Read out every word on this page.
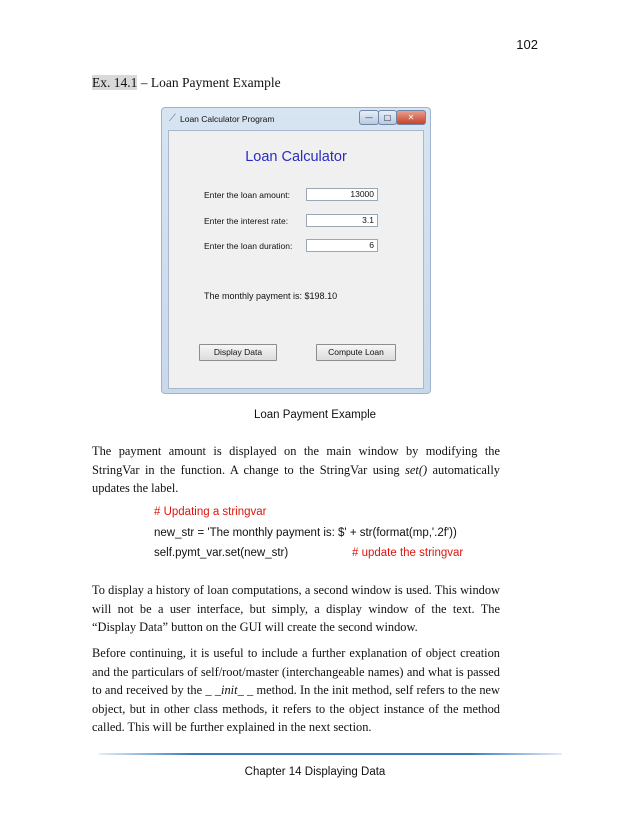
102
Ex. 14.1 – Loan Payment Example
⟋ Loan Calculator Program	—	□	✕
Loan Calculator
Enter the loan amount:	13000
Enter the interest rate:	3.1
Enter the loan duration:	6
The monthly payment is: $198.10
Display Data	Compute Loan
Loan Payment Example
The payment amount is displayed on the main window by modifying the StringVar in the function. A change to the StringVar using set() automatically updates the label.
# Updating a stringvar
new_str = 'The monthly payment is: $' + str(format(mp,'.2f'))
self.pymt_var.set(new_str)	# update the stringvar
To display a history of loan computations, a second window is used. This window will not be a user interface, but simply, a display window of the text. The “Display Data” button on the GUI will create the second window.
Before continuing, it is useful to include a further explanation of object creation and the particulars of self/root/master (interchangeable names) and what is passed to and received by the _ _init_ _ method. In the init method, self refers to the new object, but in other class methods, it refers to the object instance of the method called. This will be further explained in the next section.
Chapter 14 Displaying Data
